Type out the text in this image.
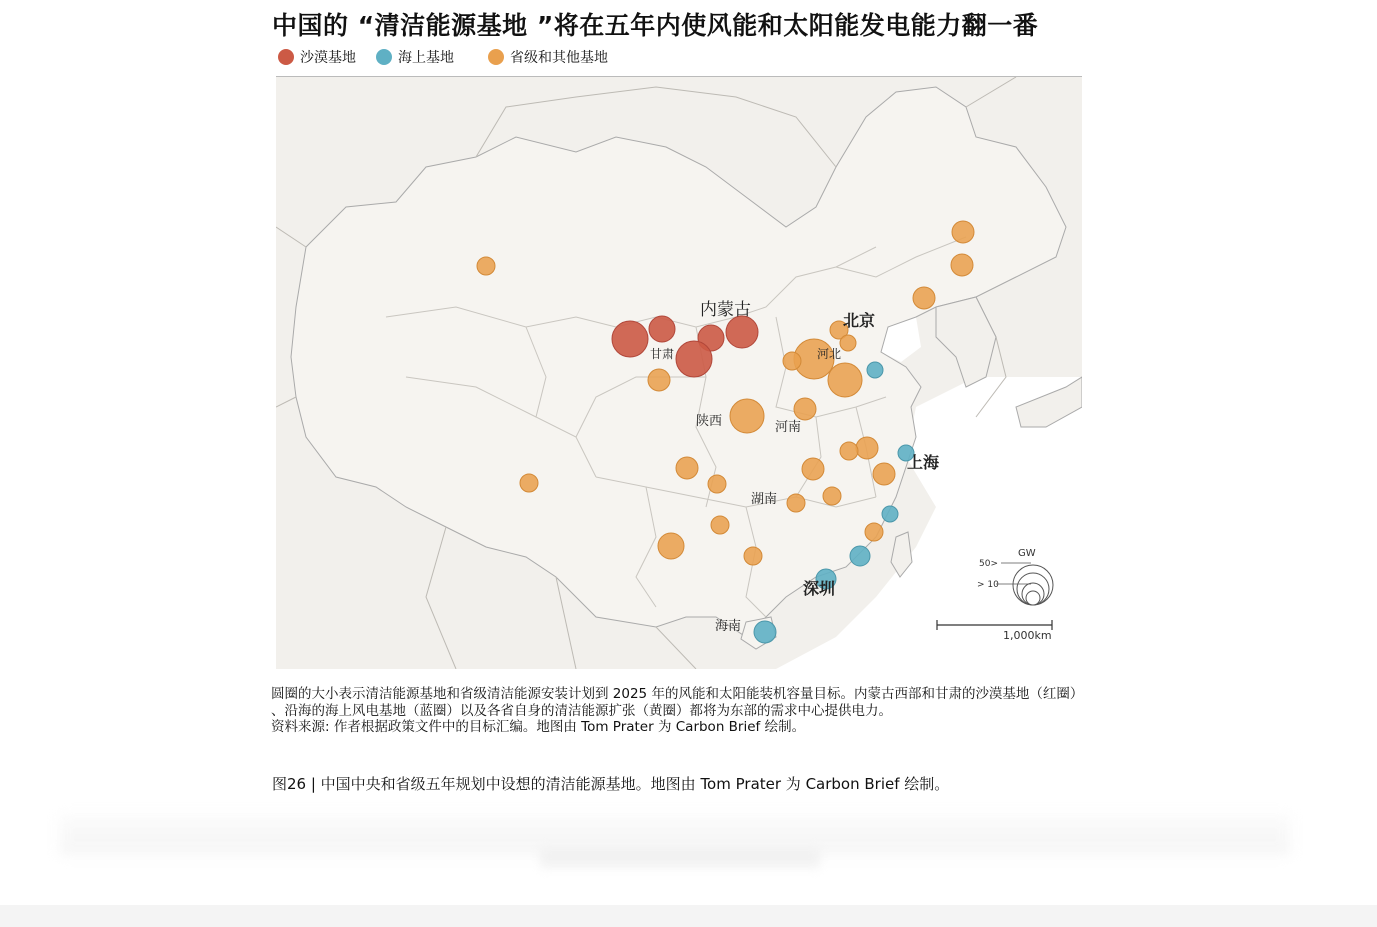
中国的 “清洁能源基地 ”将在五年内使风能和太阳能发电能力翻一番
沙漠基地	海上基地	省级和其他基地
内蒙古
北京
河北
甘肃
陕西	河南
上海
湖南
深圳
海南
GW
50>
> 10
1,000km
圆圈的大小表示清洁能源基地和省级清洁能源安装计划到 2025 年的风能和太阳能装机容量目标。内蒙古西部和甘肃的沙漠基地（红圈）
、沿海的海上风电基地（蓝圈）以及各省自身的清洁能源扩张（黄圈）都将为东部的需求中心提供电力。
资料来源: 作者根据政策文件中的目标汇编。地图由 Tom Prater 为 Carbon Brief 绘制。
图26 | 中国中央和省级五年规划中设想的清洁能源基地。地图由 Tom Prater 为 Carbon Brief 绘制。
